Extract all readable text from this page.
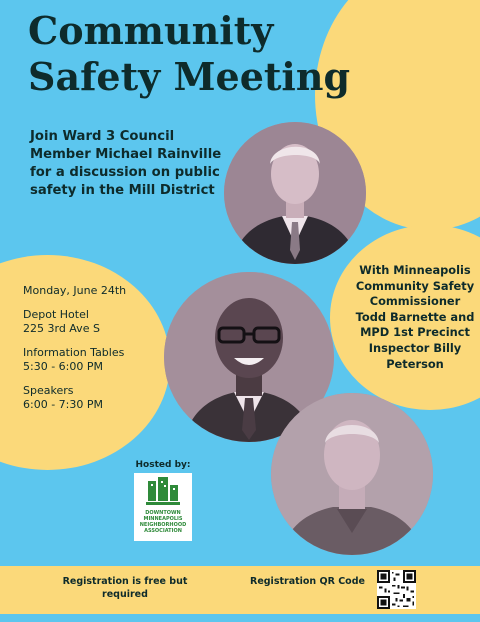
Community
Safety Meeting

Join Ward 3 Council Member Michael Rainville for a discussion on public safety in the Mill District

With Minneapolis Community Safety Commissioner Todd Barnette and MPD 1st Precinct Inspector Billy Peterson

Monday, June 24th

Depot Hotel
225 3rd Ave S

Information Tables
5:30 - 6:00 PM

Speakers
6:00 - 7:30 PM

Hosted by:

DOWNTOWN
MINNEAPOLIS
NEIGHBORHOOD
ASSOCIATION

Registration is free but required

Registration QR Code
